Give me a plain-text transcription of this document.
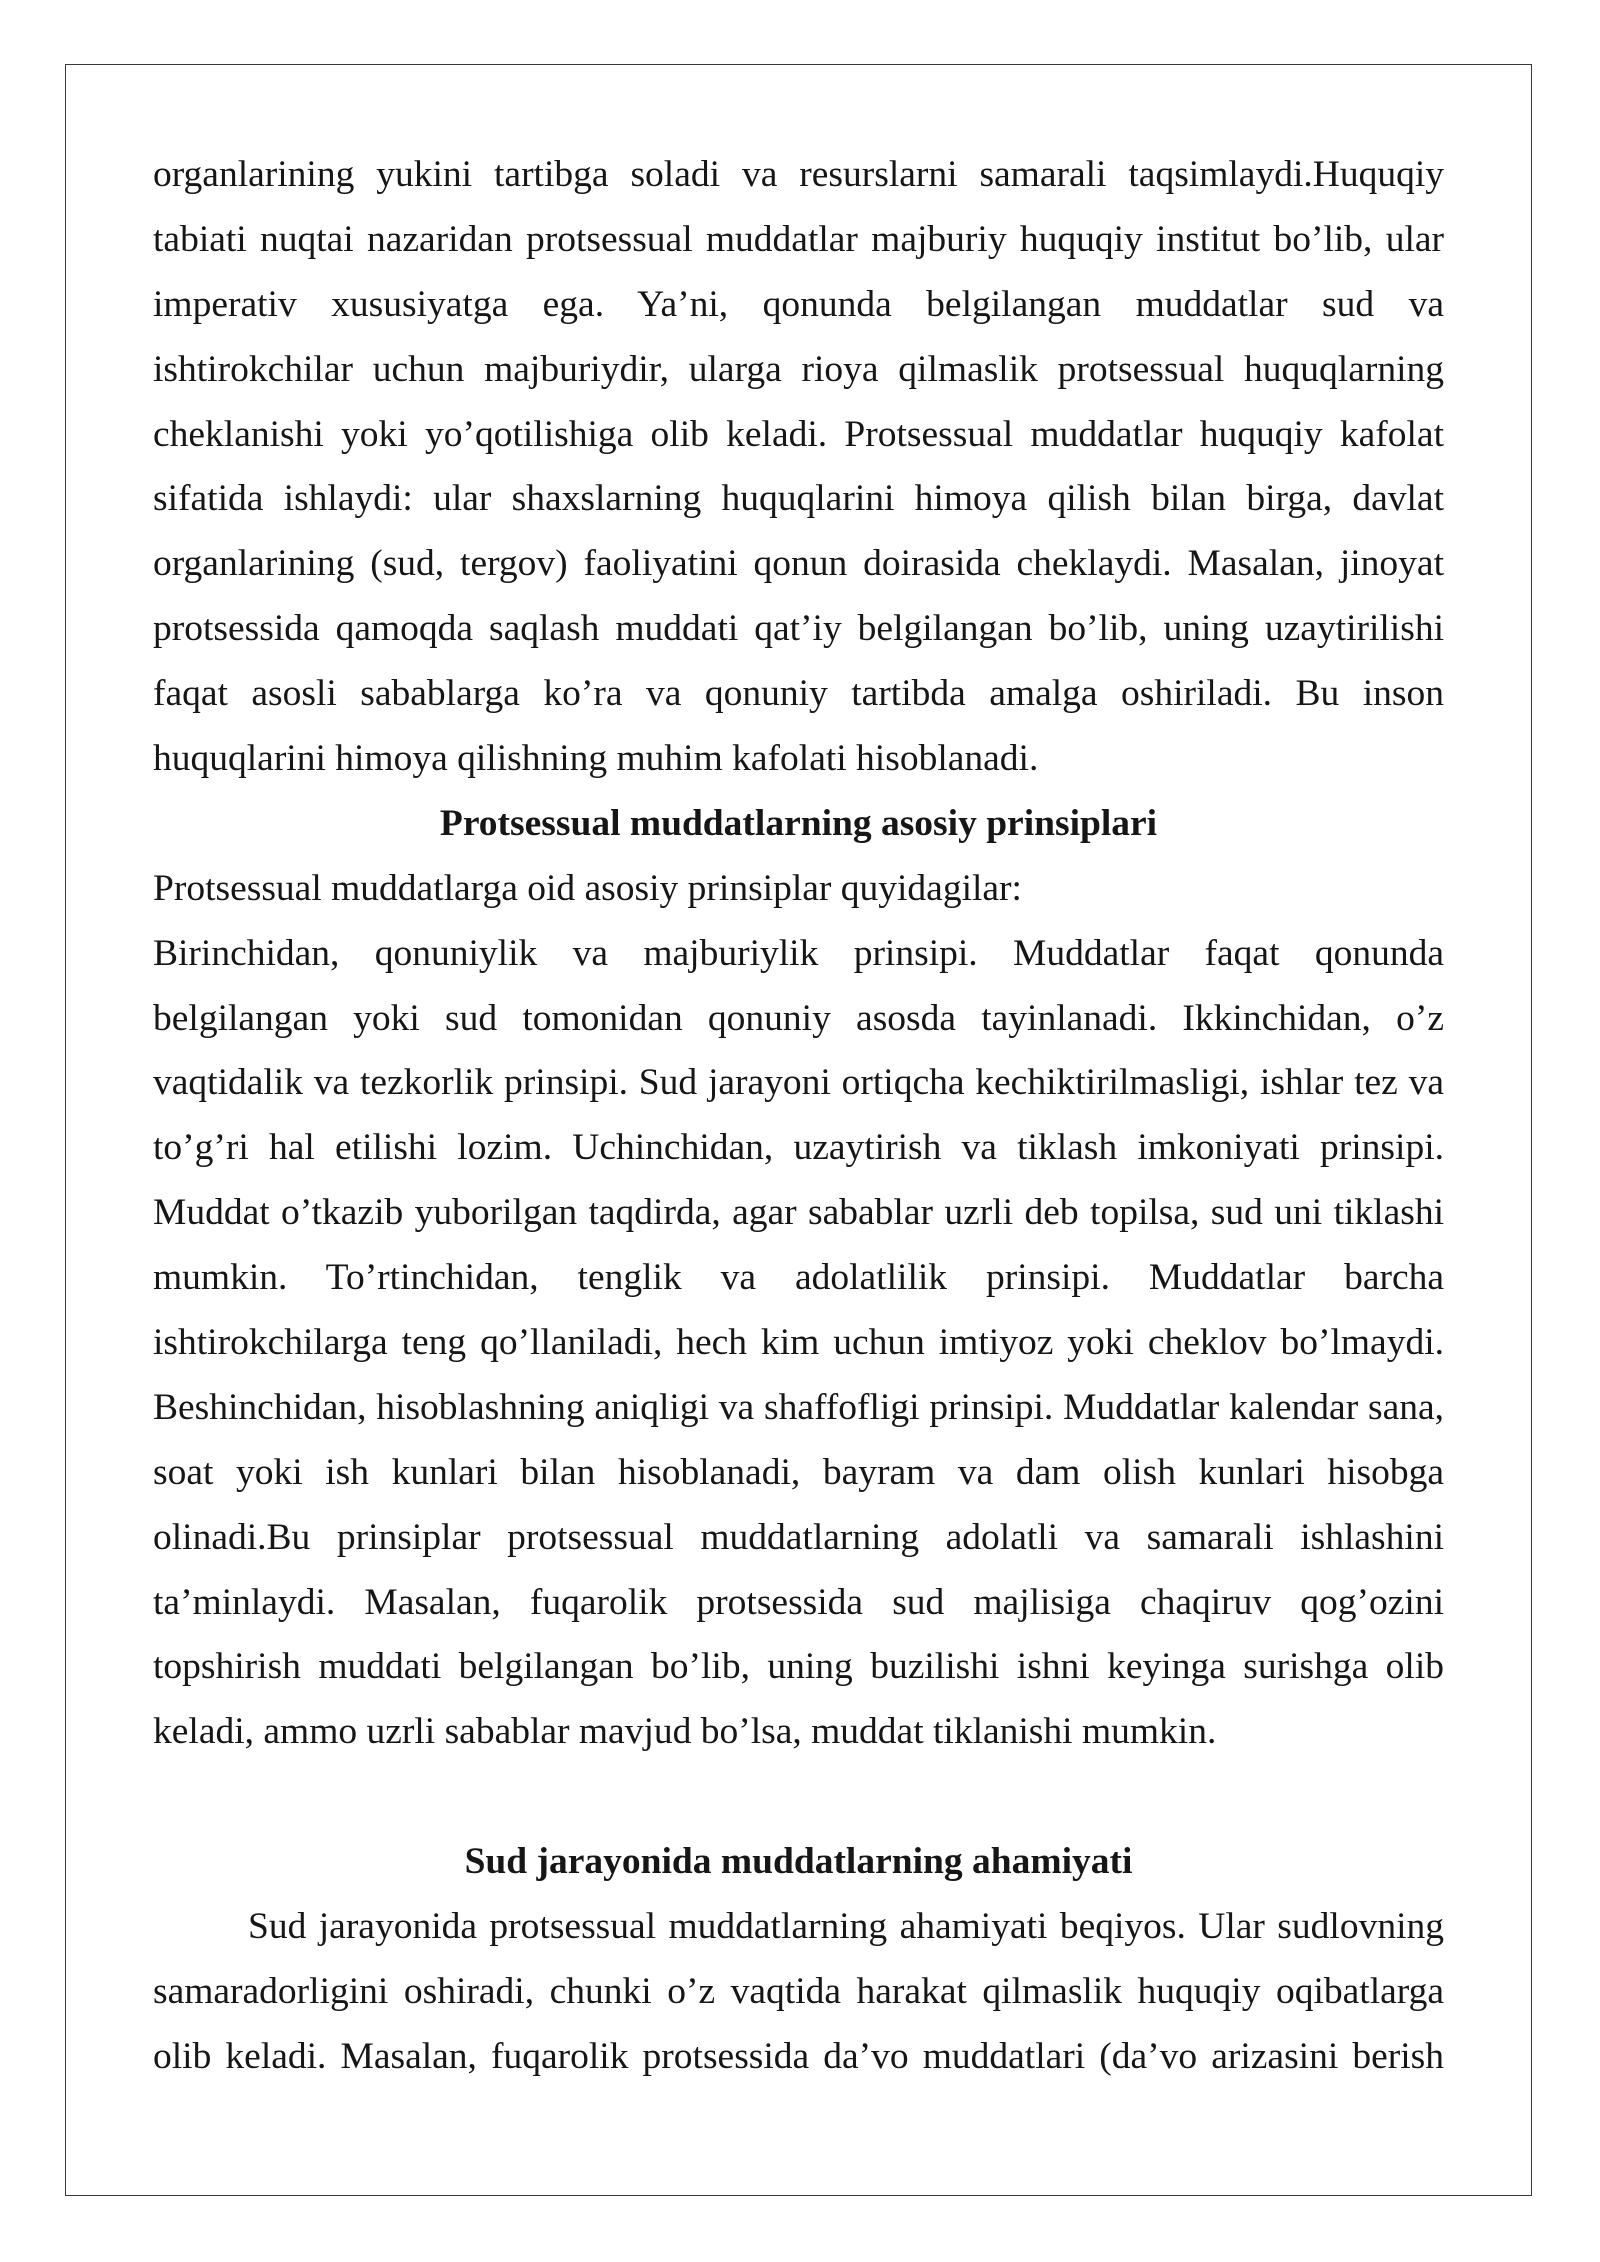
organlarining yukini tartibga soladi va resurslarni samarali taqsimlaydi.Huquqiy
tabiati nuqtai nazaridan protsessual muddatlar majburiy huquqiy institut bo’lib, ular
imperativ xususiyatga ega. Ya’ni, qonunda belgilangan muddatlar sud va
ishtirokchilar uchun majburiydir, ularga rioya qilmaslik protsessual huquqlarning
cheklanishi yoki yo’qotilishiga olib keladi. Protsessual muddatlar huquqiy kafolat
sifatida ishlaydi: ular shaxslarning huquqlarini himoya qilish bilan birga, davlat
organlarining (sud, tergov) faoliyatini qonun doirasida cheklaydi. Masalan, jinoyat
protsessida qamoqda saqlash muddati qat’iy belgilangan bo’lib, uning uzaytirilishi
faqat asosli sabablarga ko’ra va qonuniy tartibda amalga oshiriladi. Bu inson
huquqlarini himoya qilishning muhim kafolati hisoblanadi.
Protsessual muddatlarning asosiy prinsiplari
Protsessual muddatlarga oid asosiy prinsiplar quyidagilar:
Birinchidan, qonuniylik va majburiylik prinsipi. Muddatlar faqat qonunda
belgilangan yoki sud tomonidan qonuniy asosda tayinlanadi. Ikkinchidan, o’z
vaqtidalik va tezkorlik prinsipi. Sud jarayoni ortiqcha kechiktirilmasligi, ishlar tez va
to’g’ri hal etilishi lozim. Uchinchidan, uzaytirish va tiklash imkoniyati prinsipi.
Muddat o’tkazib yuborilgan taqdirda, agar sabablar uzrli deb topilsa, sud uni tiklashi
mumkin. To’rtinchidan, tenglik va adolatlilik prinsipi. Muddatlar barcha
ishtirokchilarga teng qo’llaniladi, hech kim uchun imtiyoz yoki cheklov bo’lmaydi.
Beshinchidan, hisoblashning aniqligi va shaffofligi prinsipi. Muddatlar kalendar sana,
soat yoki ish kunlari bilan hisoblanadi, bayram va dam olish kunlari hisobga
olinadi.Bu prinsiplar protsessual muddatlarning adolatli va samarali ishlashini
ta’minlaydi. Masalan, fuqarolik protsessida sud majlisiga chaqiruv qog’ozini
topshirish muddati belgilangan bo’lib, uning buzilishi ishni keyinga surishga olib
keladi, ammo uzrli sabablar mavjud bo’lsa, muddat tiklanishi mumkin.
Sud jarayonida muddatlarning ahamiyati
Sud jarayonida protsessual muddatlarning ahamiyati beqiyos. Ular sudlovning
samaradorligini oshiradi, chunki o’z vaqtida harakat qilmaslik huquqiy oqibatlarga
olib keladi. Masalan, fuqarolik protsessida da’vo muddatlari (da’vo arizasini berish
